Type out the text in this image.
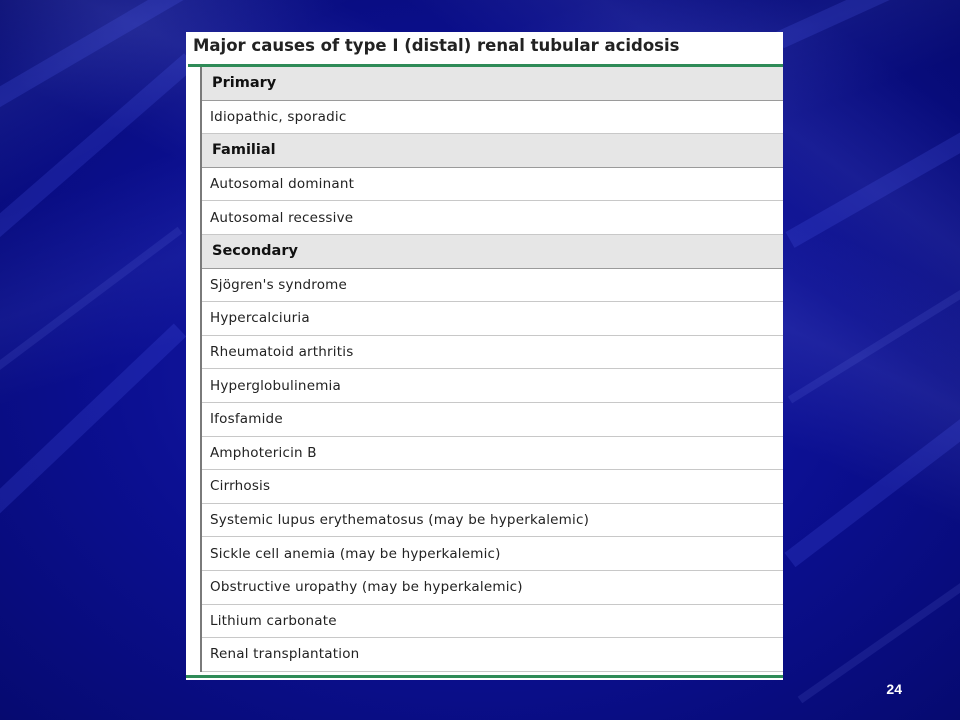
Major causes of type I (distal) renal tubular acidosis
Primary
Idiopathic, sporadic
Familial
Autosomal dominant
Autosomal recessive
Secondary
Sjögren's syndrome
Hypercalciuria
Rheumatoid arthritis
Hyperglobulinemia
Ifosfamide
Amphotericin B
Cirrhosis
Systemic lupus erythematosus (may be hyperkalemic)
Sickle cell anemia (may be hyperkalemic)
Obstructive uropathy (may be hyperkalemic)
Lithium carbonate
Renal transplantation
24
